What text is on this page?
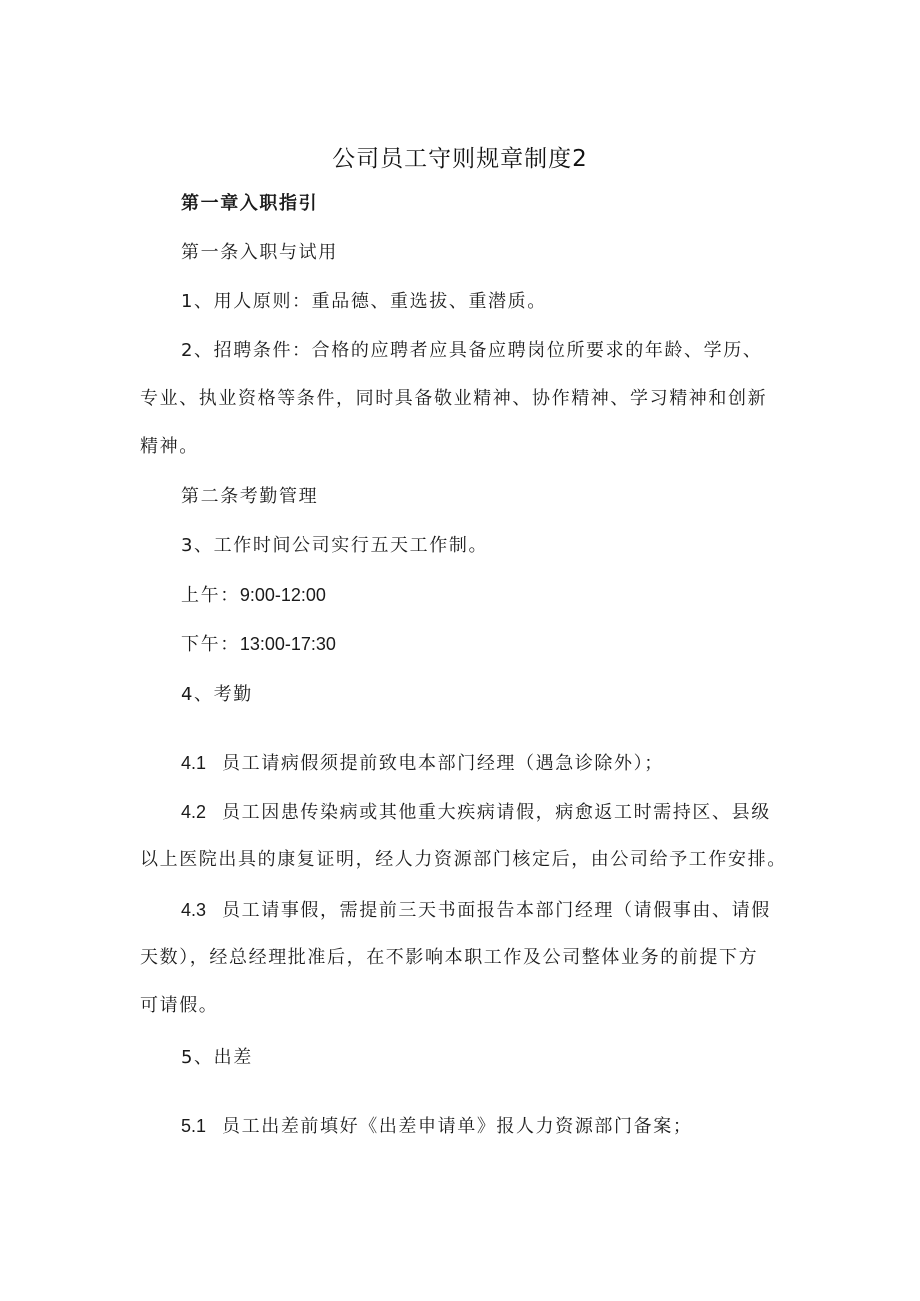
公司员工守则规章制度2
第一章入职指引
第一条入职与试用
1、用人原则：重品德、重选拔、重潜质。
2、招聘条件：合格的应聘者应具备应聘岗位所要求的年龄、学历、
专业、执业资格等条件，同时具备敬业精神、协作精神、学习精神和创新
精神。
第二条考勤管理
3、工作时间公司实行五天工作制。
上午：9:00-12:00
下午：13:00-17:30
4、考勤
4.1 员工请病假须提前致电本部门经理（遇急诊除外）；
4.2 员工因患传染病或其他重大疾病请假，病愈返工时需持区、县级
以上医院出具的康复证明，经人力资源部门核定后，由公司给予工作安排。
4.3 员工请事假，需提前三天书面报告本部门经理（请假事由、请假
天数），经总经理批准后，在不影响本职工作及公司整体业务的前提下方
可请假。
5、出差
5.1 员工出差前填好《出差申请单》报人力资源部门备案；
